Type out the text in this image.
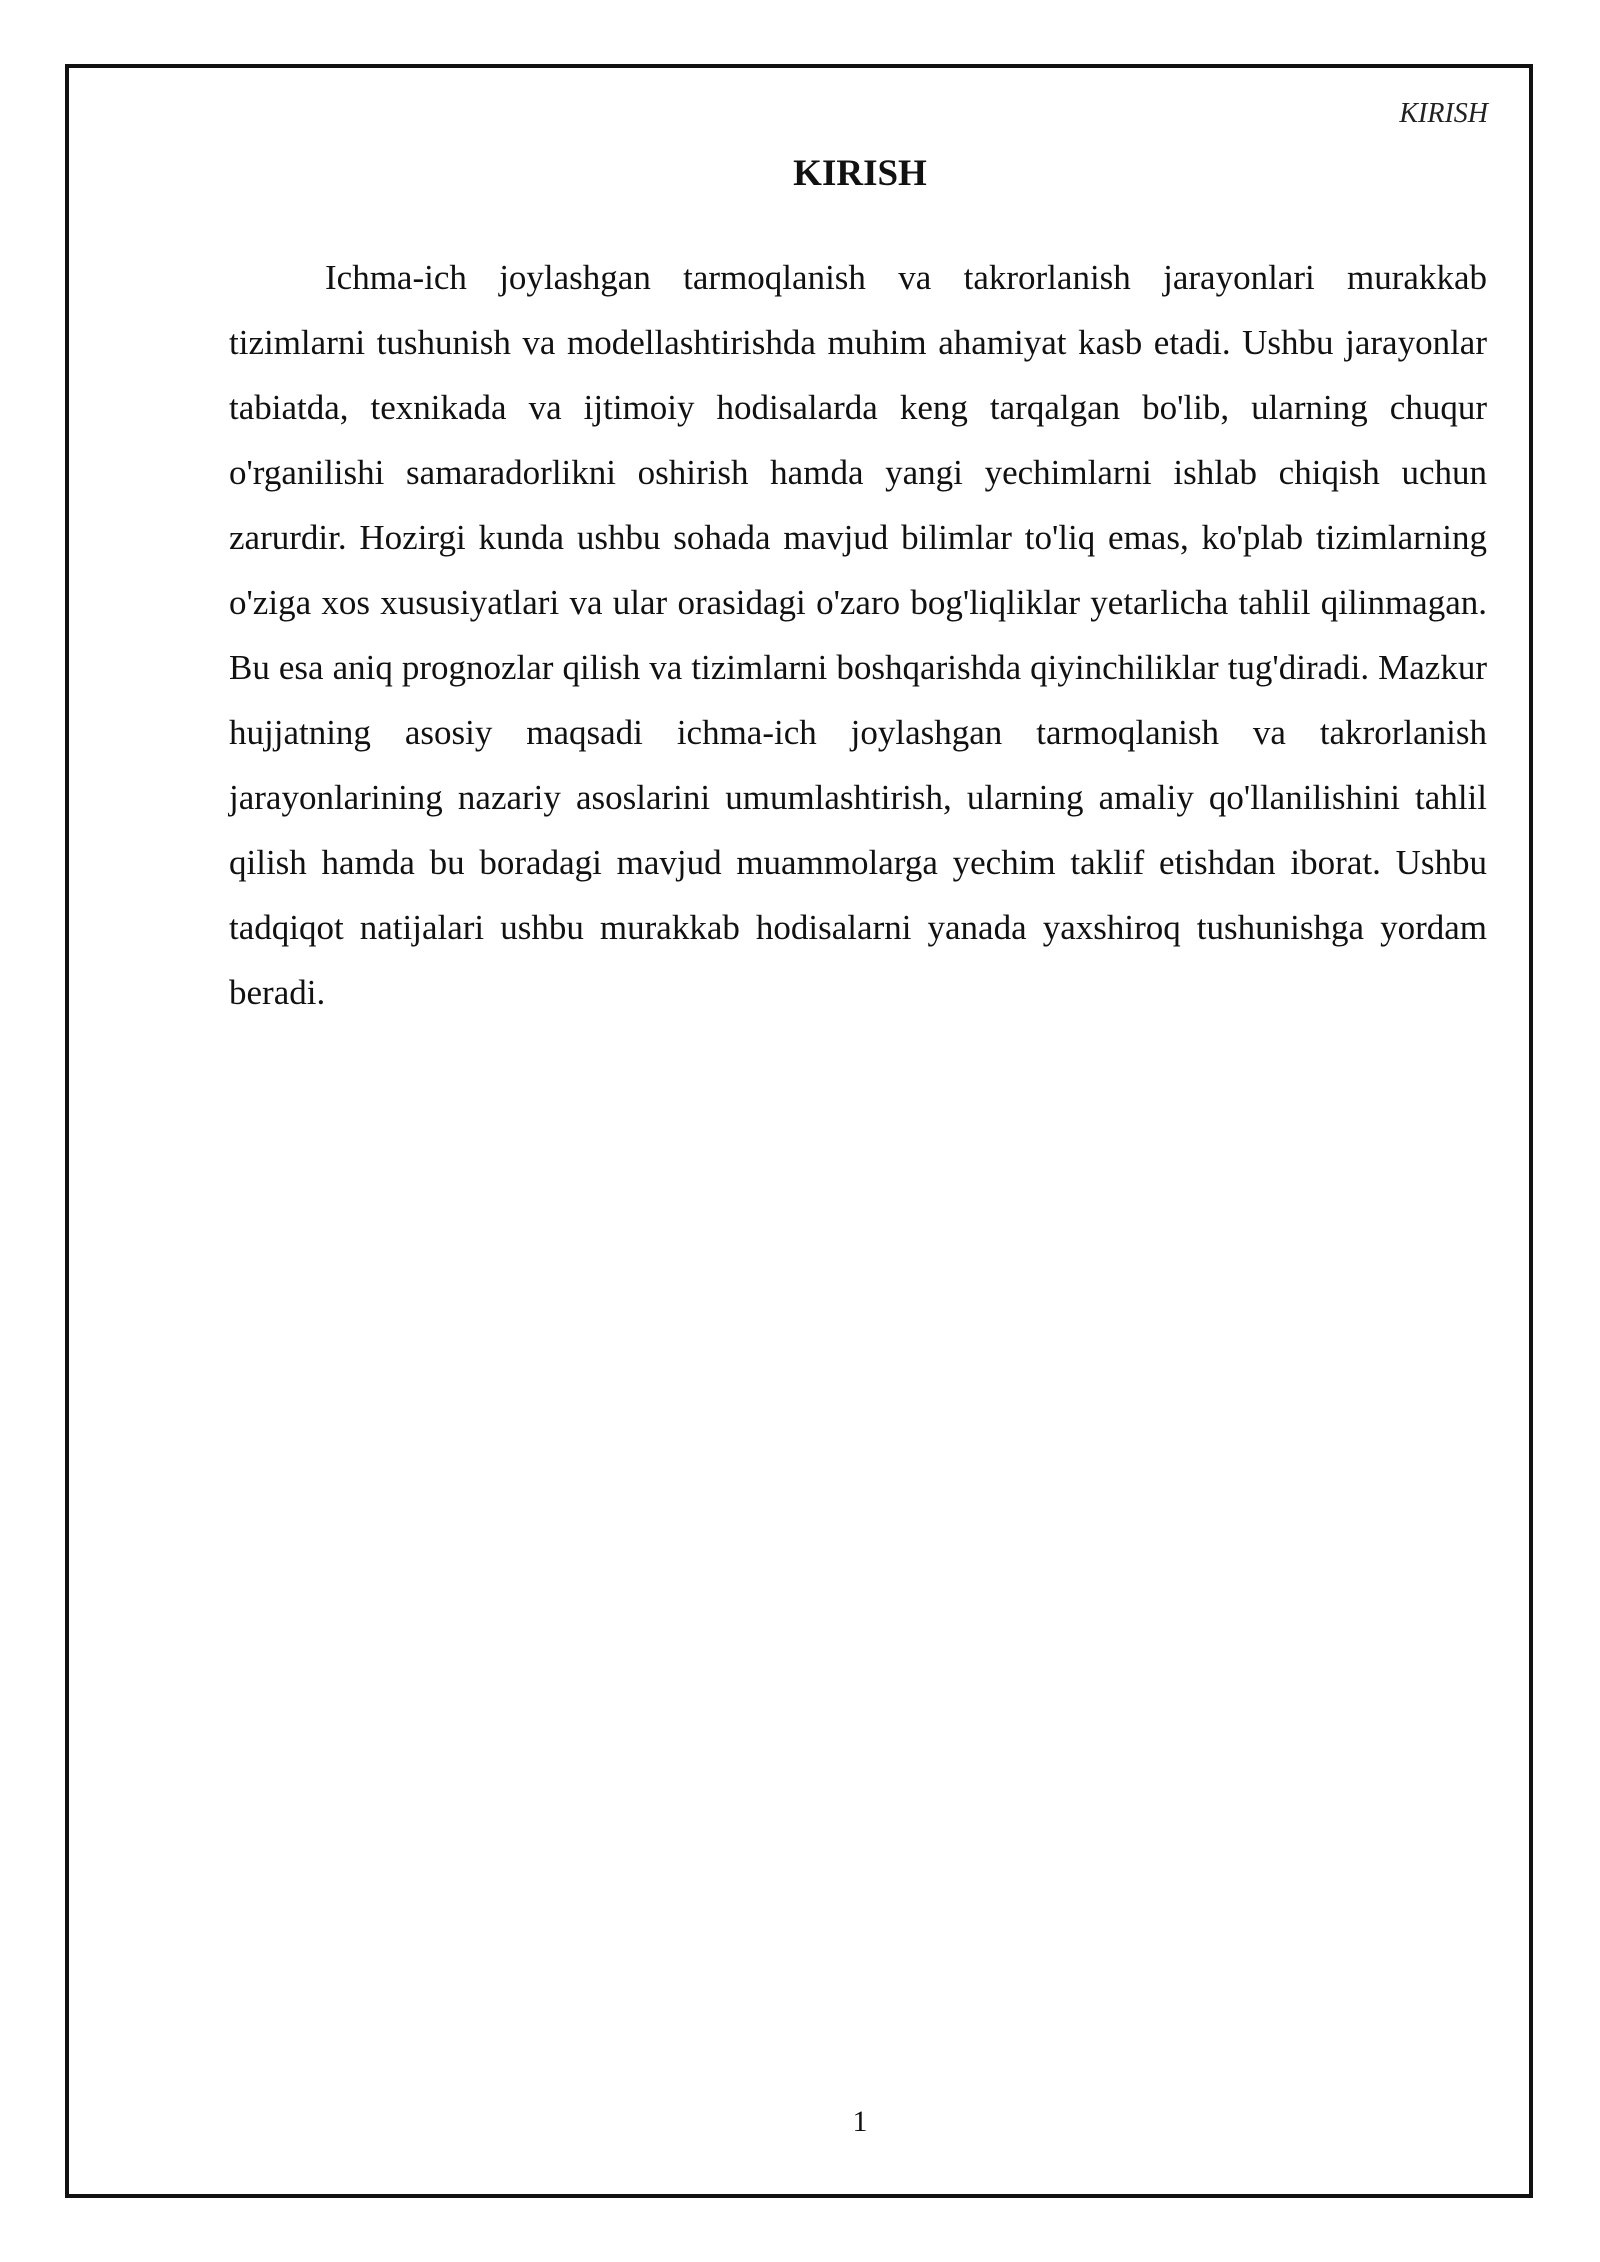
KIRISH
KIRISH

Ichma-ich joylashgan tarmoqlanish va takrorlanish jarayonlari murakkab tizimlarni tushunish va modellashtirishda muhim ahamiyat kasb etadi. Ushbu jarayonlar tabiatda, texnikada va ijtimoiy hodisalarda keng tarqalgan bo'lib, ularning chuqur o'rganilishi samaradorlikni oshirish hamda yangi yechimlarni ishlab chiqish uchun zarurdir. Hozirgi kunda ushbu sohada mavjud bilimlar to'liq emas, ko'plab tizimlarning o'ziga xos xususiyatlari va ular orasidagi o'zaro bog'liqliklar yetarlicha tahlil qilinmagan. Bu esa aniq prognozlar qilish va tizimlarni boshqarishda qiyinchiliklar tug'diradi. Mazkur hujjatning asosiy maqsadi ichma-ich joylashgan tarmoqlanish va takrorlanish jarayonlarining nazariy asoslarini umumlashtirish, ularning amaliy qo'llanilishini tahlil qilish hamda bu boradagi mavjud muammolarga yechim taklif etishdan iborat. Ushbu tadqiqot natijalari ushbu murakkab hodisalarni yanada yaxshiroq tushunishga yordam beradi.

1
